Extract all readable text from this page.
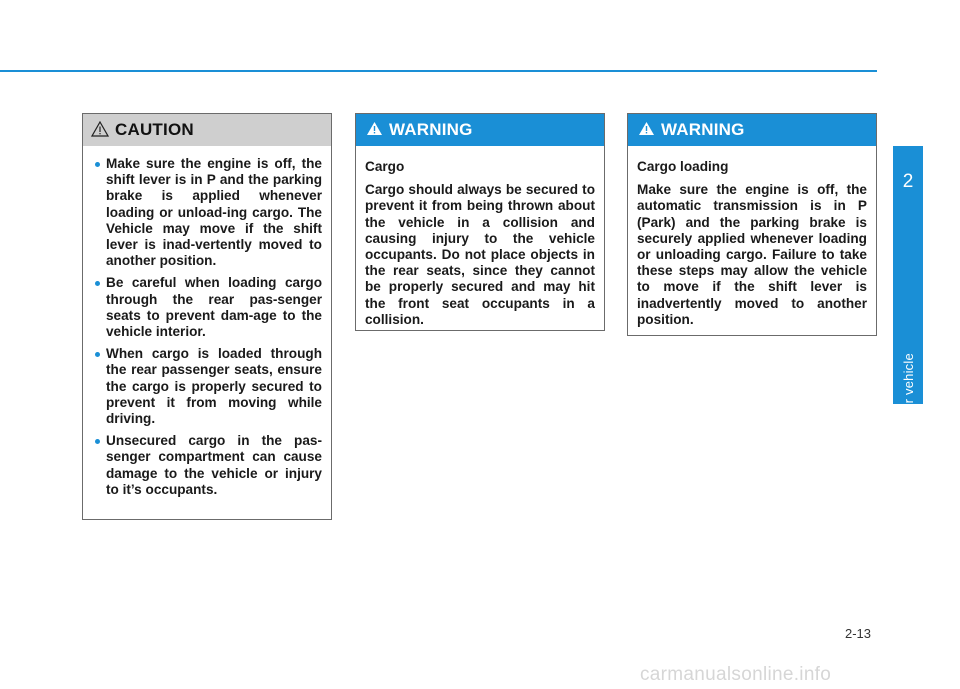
CAUTION
Make sure the engine is off, the shift lever is in P and the parking brake is applied whenever loading or unload-ing cargo. The Vehicle may move if the shift lever is inad-vertently moved to another position.
Be careful when loading cargo through the rear pas-senger seats to prevent dam-age to the vehicle interior.
When cargo is loaded through the rear passenger seats, ensure the cargo is properly secured to prevent it from moving while driving.
Unsecured cargo in the pas-senger compartment can cause damage to the vehicle or injury to it’s occupants.
WARNING

Cargo

Cargo should always be secured to prevent it from being thrown about the vehicle in a collision and causing injury to the vehicle occupants. Do not place objects in the rear seats, since they cannot be properly secured and may hit the front seat occupants in a collision.

WARNING

Cargo loading

Make sure the engine is off, the automatic transmission is in P (Park) and the parking brake is securely applied whenever loading or unloading cargo. Failure to take these steps may allow the vehicle to move if the shift lever is inadvertently moved to another position.

2
Safety system of your vehicle
2-13
carmanualsonline.info
